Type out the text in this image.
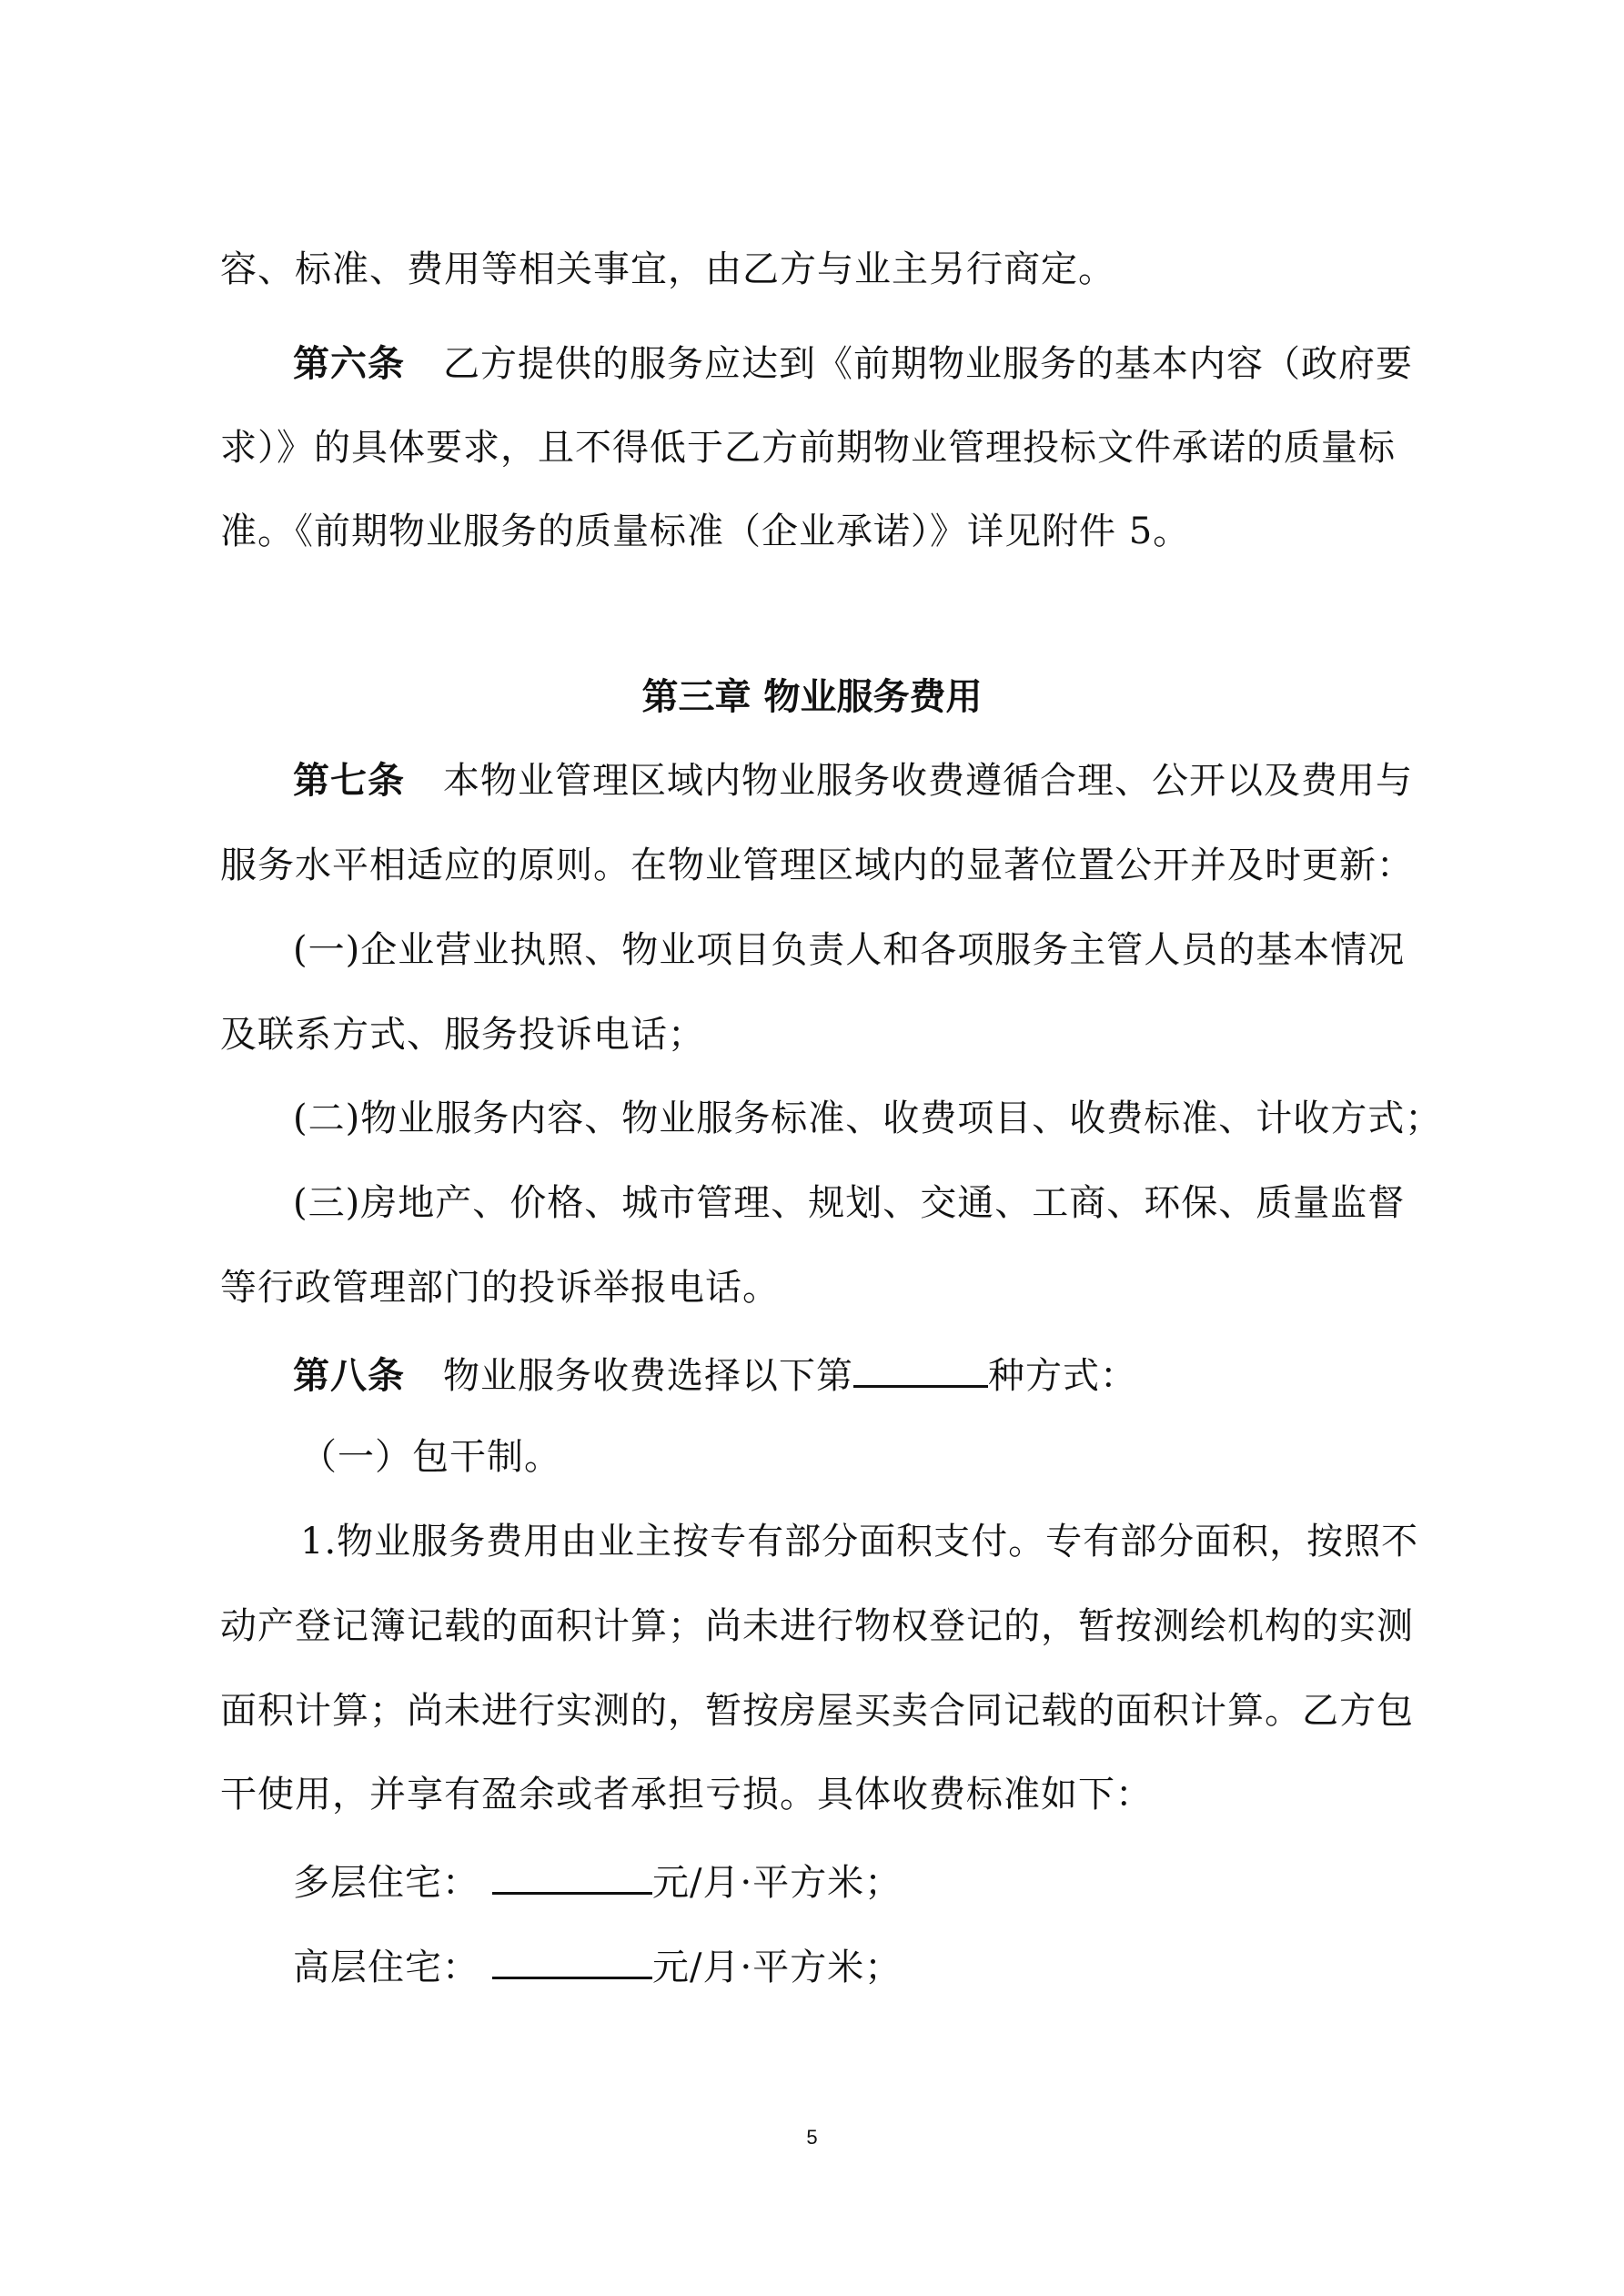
容、标准、费用等相关事宜，由乙方与业主另行商定。
第六条 乙方提供的服务应达到《前期物业服务的基本内容（政府要
求）》的具体要求，且不得低于乙方前期物业管理投标文件承诺的质量标
准。《前期物业服务的质量标准（企业承诺）》详见附件 5。
第三章 物业服务费用
第七条 本物业管理区域内物业服务收费遵循合理、公开以及费用与
服务水平相适应的原则。在物业管理区域内的显著位置公开并及时更新：
(一)企业营业执照、物业项目负责人和各项服务主管人员的基本情况
及联系方式、服务投诉电话；
(二)物业服务内容、物业服务标准、收费项目、收费标准、计收方式；
(三)房地产、价格、城市管理、规划、交通、工商、环保、质量监督
等行政管理部门的投诉举报电话。
第八条 物业服务收费选择以下第	种方式：
（一）包干制。
1.物业服务费用由业主按专有部分面积支付。专有部分面积，按照不
动产登记簿记载的面积计算；尚未进行物权登记的，暂按测绘机构的实测
面积计算；尚未进行实测的，暂按房屋买卖合同记载的面积计算。乙方包
干使用，并享有盈余或者承担亏损。具体收费标准如下：
多层住宅：	元/月·平方米；
高层住宅：	元/月·平方米；
5
